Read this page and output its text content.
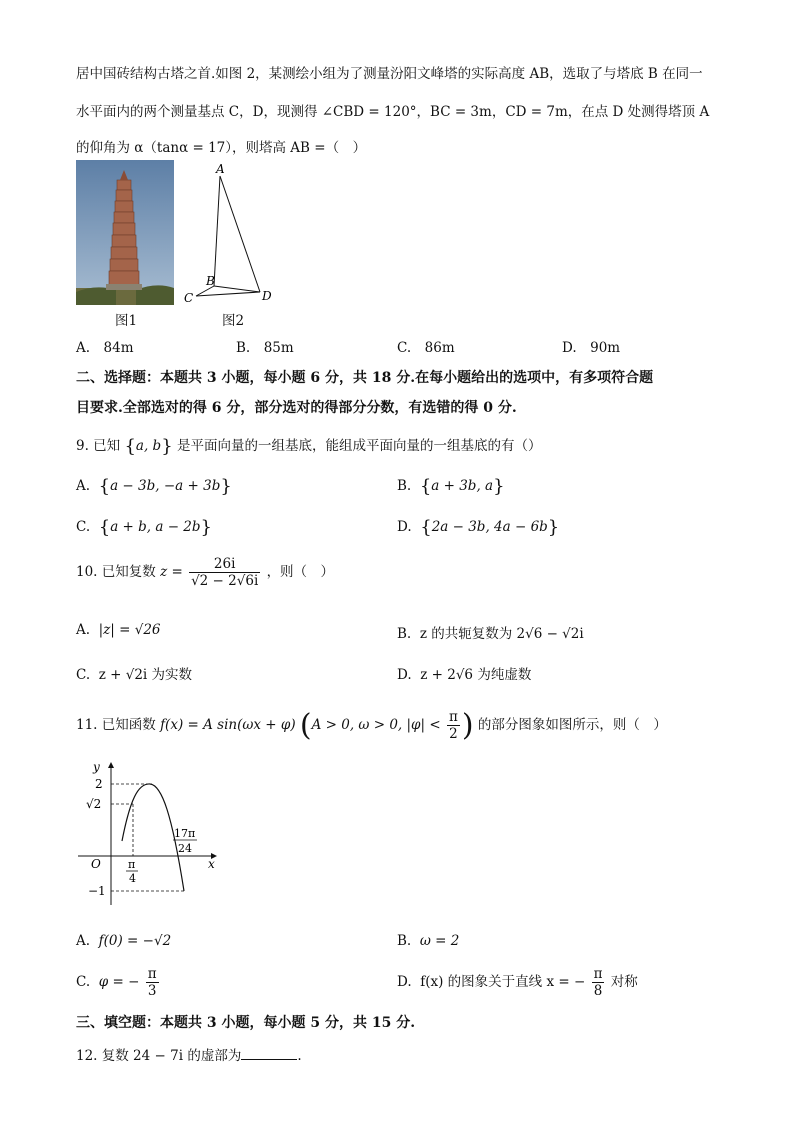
居中国砖结构古塔之首.如图 2，某测绘小组为了测量汾阳文峰塔的实际高度 AB，选取了与塔底 B 在同一
水平面内的两个测量基点 C，D，现测得 ∠CBD = 120°，BC = 3m，CD = 7m，在点 D 处测得塔顶 A
的仰角为 α（tanα = 17），则塔高 AB =（　）
图1
A
B
C	D
图2
A.　84m	B.　85m	C.　86m	D.　90m
二、选择题：本题共 3 小题，每小题 6 分，共 18 分.在每小题给出的选项中，有多项符合题
目要求.全部选对的得 6 分，部分选对的得部分分数，有选错的得 0 分.
9. 已知 {a, b} 是平面向量的一组基底，能组成平面向量的一组基底的有（）
A. {a − 3b, −a + 3b}	B. {a + 3b, a}
C. {a + b, a − 2b}	D. {2a − 3b, 4a − 6b}
10. 已知复数 $z = \frac{26i}{√2 - 2√6i}$ ，则（　）
A. |z| = √26	B. z 的共轭复数为 2√6 − √2i
C. z + √2i 为实数	D. z + 2√6 为纯虚数
11. 已知函数 f(x) = A sin(ωx + φ) (A > 0, ω > 0, $|\varphi| < \frac{\pi}{2}$ ) 的部分图象如图所示，则（　）
y
x
O
2
√2
−1
π
4
17π
24
A. f(0) = −√2	B. ω = 2
C. φ = − $\frac{\pi}{3}$	D. f(x) 的图象关于直线 x = − $\frac{\pi}{8}$ 对称
三、填空题：本题共 3 小题，每小题 5 分，共 15 分.
12. 复数 24 − 7i 的虚部为	.
